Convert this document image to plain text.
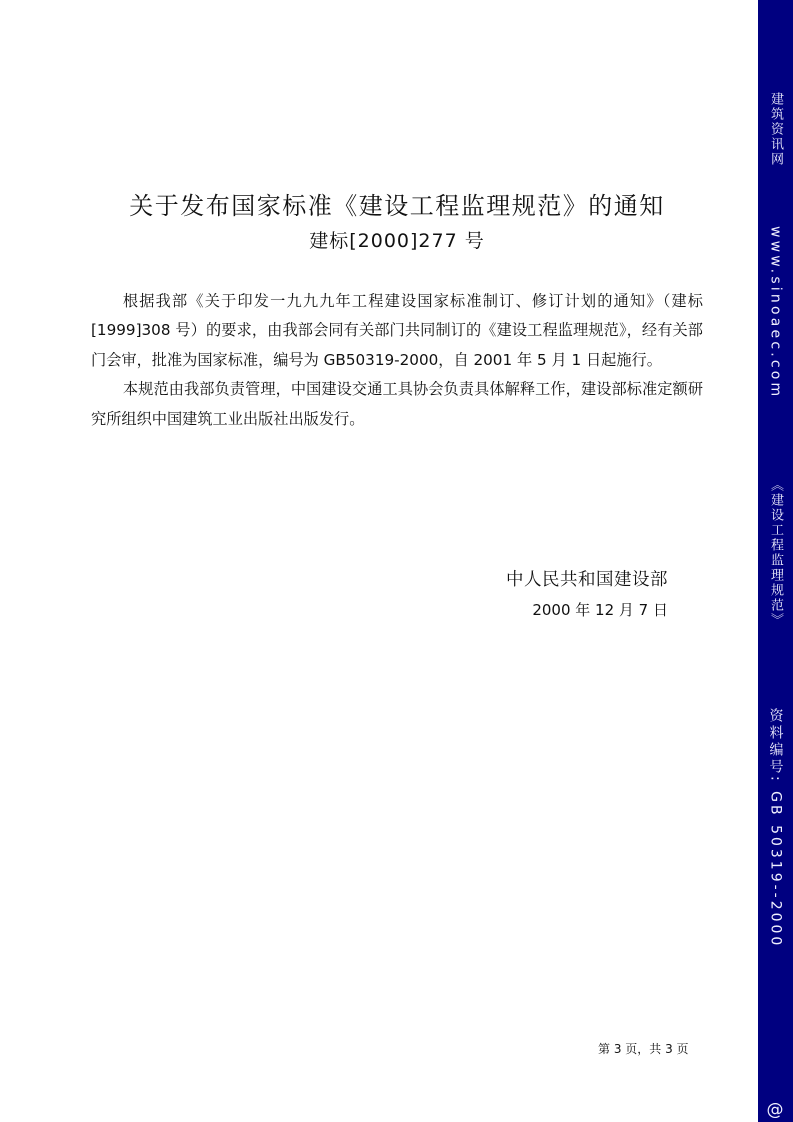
关于发布国家标准《建设工程监理规范》的通知
建标[2000]277 号

根据我部《关于印发一九九九年工程建设国家标准制订、修订计划的通知》（建标[1999]308 号）的要求，由我部会同有关部门共同制订的《建设工程监理规范》，经有关部门会审，批准为国家标准，编号为 GB50319-2000，自 2001 年 5 月 1 日起施行。

本规范由我部负责管理，中国建设交通工具协会负责具体解释工作，建设部标准定额研究所组织中国建筑工业出版社出版发行。

中人民共和国建设部
2000 年 12 月 7 日
第 3 页，共 3 页
建筑资讯网
www.sinoaec.com
《建设工程监理规范》
资料编号: GB 50319--2000
@
